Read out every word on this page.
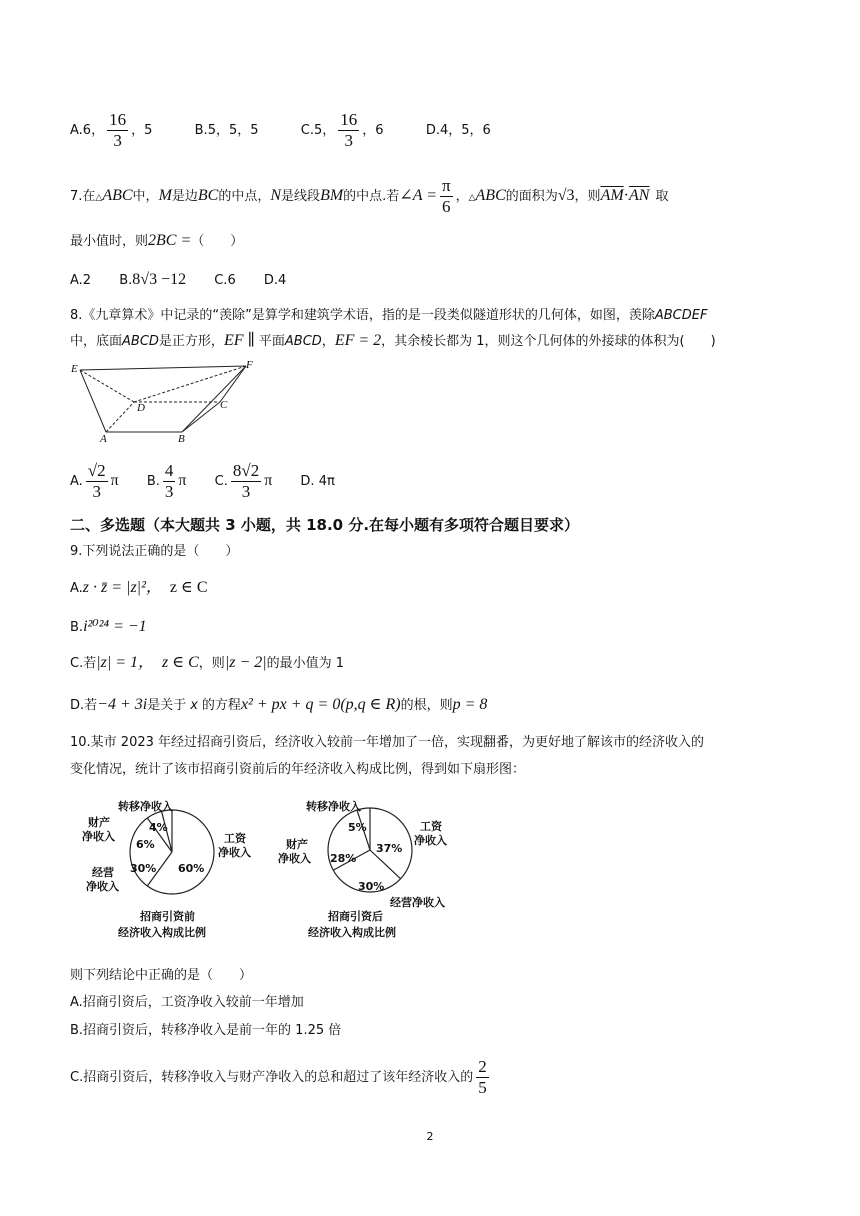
A.6， $\frac{16}{3}$ ，5	B.5，5，5	C.5， $\frac{16}{3}$ ，6	D.4，5，6
7.在△ABC中，M是边BC的中点，N是线段BM的中点.若∠A = $\frac{\pi}{6}$ ，△ABC的面积为√3，则$\overline{AM}\cdot\overline{AN}$ 取
最小值时，则2BC =（　　）
A.2 B.8√3 −12 C.6 D.4
8.《九章算术》中记录的“羡除”是算学和建筑学术语，指的是一段类似隧道形状的几何体，如图，羡除ABCDEF
中，底面ABCD是正方形，EF ∥ 平面ABCD，EF = 2，其余棱长都为 1，则这个几何体的外接球的体积为(　　)
E	F
D	C
A	B
A. $\frac{√2}{3}$ π B. $\frac{4}{3}$ π C. $\frac{8√2}{3}$ π D. 4π
二、多选题（本大题共 3 小题，共 18.0 分.在每小题有多项符合题目要求）
9.下列说法正确的是（　　）
A.z · z̄ = |z|²， z ∈ C
B.i²⁰²⁴ = −1
C.若|z| = 1， z ∈ C，则|z − 2|的最小值为 1
D.若−4 + 3i是关于 x 的方程x² + px + q = 0(p,q ∈ R)的根，则p = 8
10.某市 2023 年经过招商引资后，经济收入较前一年增加了一倍，实现翻番，为更好地了解该市的经济收入的
变化情况，统计了该市招商引资前后的年经济收入构成比例，得到如下扇形图：
4%
6%
30% 60%
转移净收入
财产
净收入
经营
净收入
工资
净收入
招商引资前
经济收入构成比例
5%
28%
30%
37%
转移净收入
财产
净收入
经营净收入
工资
净收入
招商引资后
经济收入构成比例
则下列结论中正确的是（　　）
A.招商引资后，工资净收入较前一年增加
B.招商引资后，转移净收入是前一年的 1.25 倍
C.招商引资后，转移净收入与财产净收入的总和超过了该年经济收入的 $\frac{2}{5}$
2
